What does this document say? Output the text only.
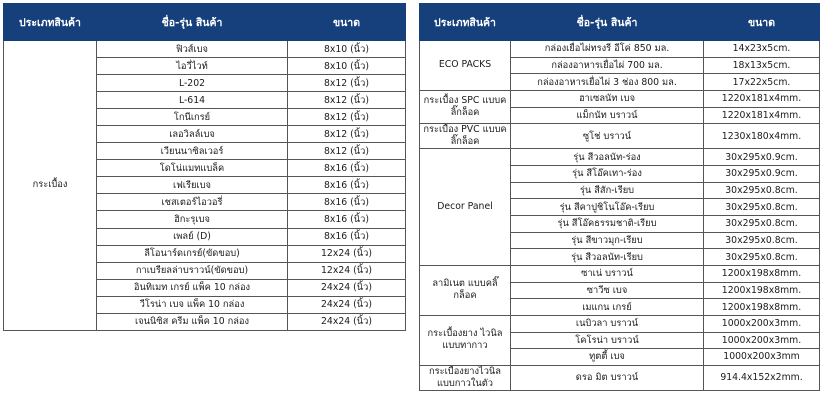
ประเภทสินค้า	ชื่อ-รุ่น สินค้า	ขนาด
กระเบื้อง	ฟิวส์เบจ	8x10 (นิ้ว)
	ไอวี่ไวท์	8x10 (นิ้ว)
	L-202	8x12 (นิ้ว)
	L-614	8x12 (นิ้ว)
	โกนีเกรย์	8x12 (นิ้ว)
	เลอวิลล์เบจ	8x12 (นิ้ว)
	เวียนนาซิลเวอร์	8x12 (นิ้ว)
	โดโน่แมทแบล็ค	8x16 (นิ้ว)
	เฟเรียเบจ	8x16 (นิ้ว)
	เชสเตอร์ไอวอรี่	8x16 (นิ้ว)
	ฮิกะรุเบจ	8x16 (นิ้ว)
	เพลย์ (D)	8x16 (นิ้ว)
	ลีโอนาร์ดเกรย์(ขัดขอบ)	12x24 (นิ้ว)
	กาเบรียลล่าบราวน์(ขัดขอบ)	12x24 (นิ้ว)
	อินทิเมท เกรย์ แพ็ค 10 กล่อง	24x24 (นิ้ว)
	วีโรน่า เบจ แพ็ค 10 กล่อง	24x24 (นิ้ว)
	เจนนิซิส ครีม แพ็ค 10 กล่อง	24x24 (นิ้ว)
ประเภทสินค้า	ชื่อ-รุ่น สินค้า	ขนาด
ECO PACKS	กล่องเยื่อไผ่ทรงรี อีโค่ 850 มล.	14x23x5cm.
	กล่องอาหารเยื่อไผ่ 700 มล.	18x13x5cm.
	กล่องอาหารเยื่อไผ่ 3 ช่อง 800 มล.	17x22x5cm.
กระเบื้อง SPC แบบคลิ๊กล็อค	ฮาเซลนัท เบจ	1220x181x4mm.
	แม็กนัท บราวน์	1220x181x4mm.
กระเบื้อง PVC แบบคลิ๊กล็อค	ซูโช่ บราวน์	1230x180x4mm.
Decor Panel	รุ่น สีวอลนัท-ร่อง	30x295x0.9cm.
	รุ่น สีโอ๊คเทา-ร่อง	30x295x0.9cm.
	รุ่น สีสัก-เรียบ	30x295x0.8cm.
	รุ่น สีคาปูชิโนโอ๊ค-เรียบ	30x295x0.8cm.
	รุ่น สีโอ๊คธรรมชาติ-เรียบ	30x295x0.8cm.
	รุ่น สีขาวมุก-เรียบ	30x295x0.8cm.
	รุ่น สีวอลนัท-เรียบ	30x295x0.8cm.
ลามิเนต แบบคลิ๊กล็อค	ซาเน่ บราวน์	1200x198x8mm.
	ซาวีซ เบจ	1200x198x8mm.
	เมแกน เกรย์	1200x198x8mm.
กระเบื้องยาง ไวนิล แบบทากาว	เนบิวลา บราวน์	1000x200x3mm.
	โคโรน่า บราวน์	1000x200x3mm.
	ทูตตี้ เบจ	1000x200x3mm
กระเบื้องยางไวนิล แบบกาวในตัว	ดรอ มิต บราวน์	914.4x152x2mm.
